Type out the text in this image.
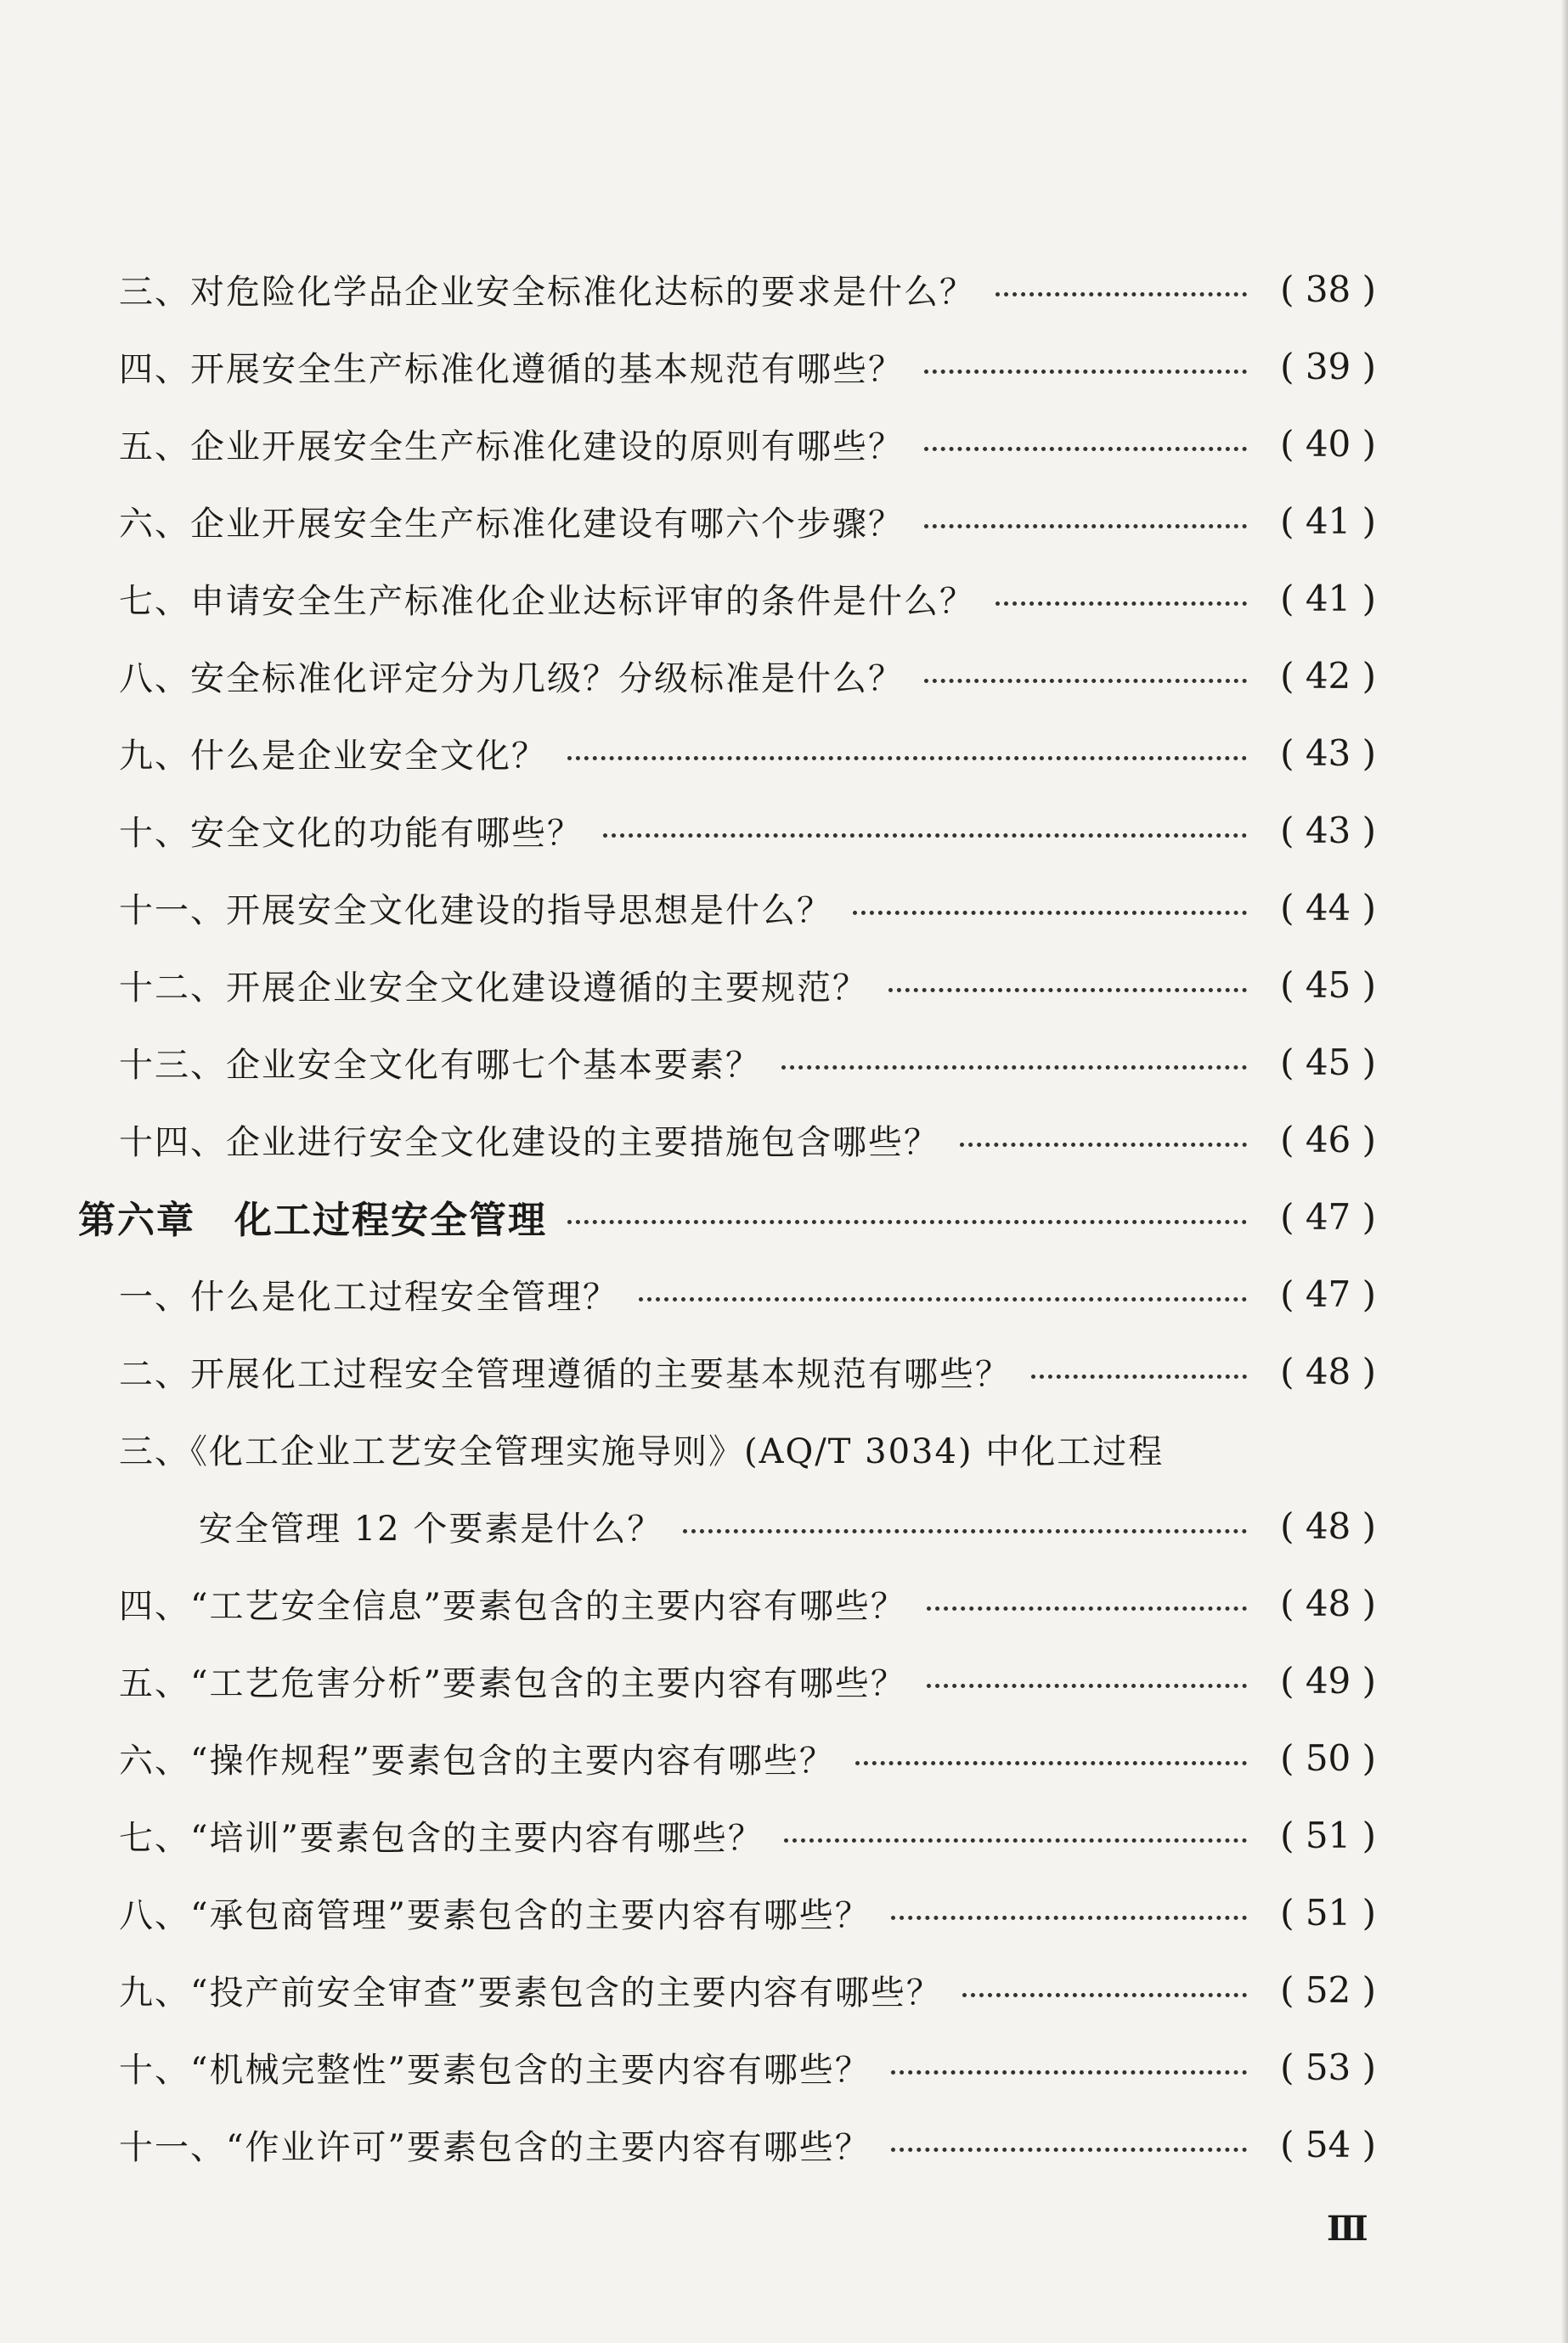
三、对危险化学品企业安全标准化达标的要求是什么？	( 38 )
四、开展安全生产标准化遵循的基本规范有哪些？	( 39 )
五、企业开展安全生产标准化建设的原则有哪些？	( 40 )
六、企业开展安全生产标准化建设有哪六个步骤？	( 41 )
七、申请安全生产标准化企业达标评审的条件是什么？	( 41 )
八、安全标准化评定分为几级？分级标准是什么？	( 42 )
九、什么是企业安全文化？	( 43 )
十、安全文化的功能有哪些？	( 43 )
十一、开展安全文化建设的指导思想是什么？	( 44 )
十二、开展企业安全文化建设遵循的主要规范？	( 45 )
十三、企业安全文化有哪七个基本要素？	( 45 )
十四、企业进行安全文化建设的主要措施包含哪些？	( 46 )
第六章　化工过程安全管理	( 47 )
一、什么是化工过程安全管理？	( 47 )
二、开展化工过程安全管理遵循的主要基本规范有哪些？	( 48 )
三、《化工企业工艺安全管理实施导则》(AQ/T 3034) 中化工过程
安全管理 12 个要素是什么？	( 48 )
四、“工艺安全信息”要素包含的主要内容有哪些？	( 48 )
五、“工艺危害分析”要素包含的主要内容有哪些？	( 49 )
六、“操作规程”要素包含的主要内容有哪些？	( 50 )
七、“培训”要素包含的主要内容有哪些？	( 51 )
八、“承包商管理”要素包含的主要内容有哪些？	( 51 )
九、“投产前安全审查”要素包含的主要内容有哪些？	( 52 )
十、“机械完整性”要素包含的主要内容有哪些？	( 53 )
十一、“作业许可”要素包含的主要内容有哪些？	( 54 )
Ⅲ
